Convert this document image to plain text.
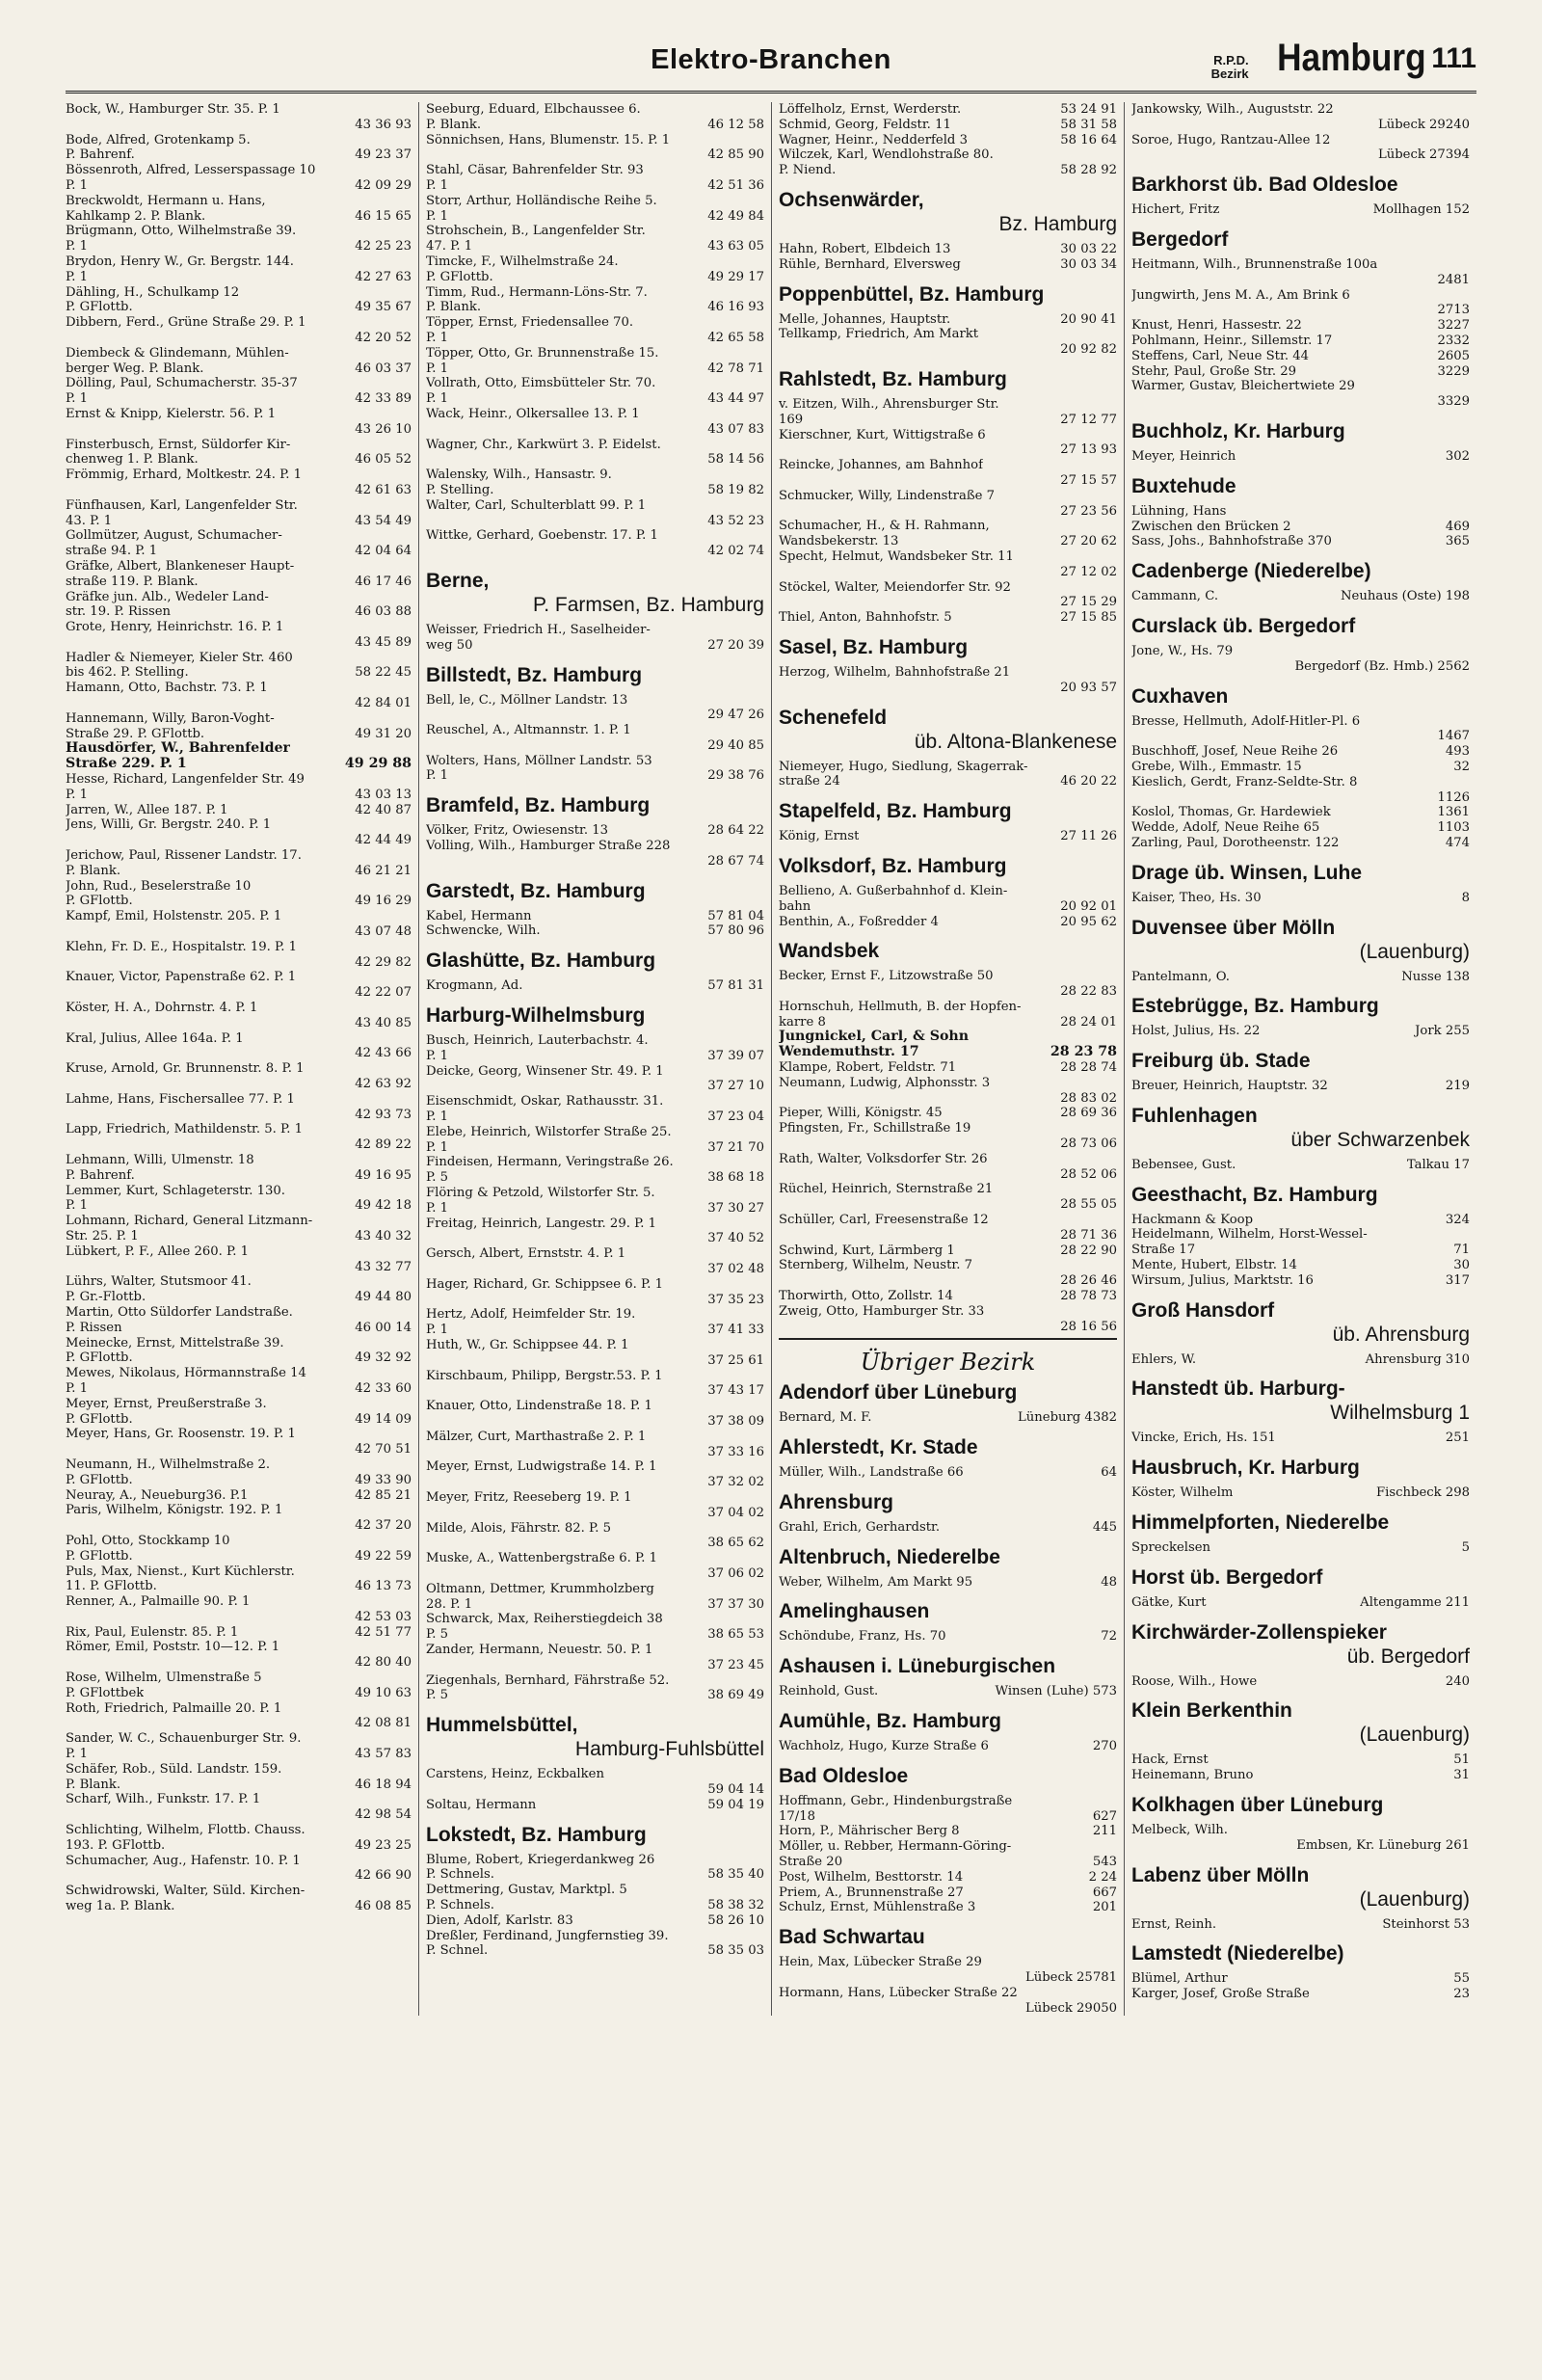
Elektro-Branchen	R.P.D.
Bezirk Hamburg 111
Bock, W., Hamburger Str. 35. P. 1
43 36 93
Bode, Alfred, Grotenkamp 5.
P. Bahrenf.	49 23 37
Bössenroth, Alfred, Lesserspassage 10
P. 1	42 09 29
Breckwoldt, Hermann u. Hans,
Kahlkamp 2. P. Blank.	46 15 65
Brügmann, Otto, Wilhelmstraße 39.
P. 1	42 25 23
Brydon, Henry W., Gr. Bergstr. 144.
P. 1	42 27 63
Dähling, H., Schulkamp 12
P. GFlottb.	49 35 67
Dibbern, Ferd., Grüne Straße 29. P. 1
42 20 52
Diembeck & Glindemann, Mühlen-
berger Weg. P. Blank.	46 03 37
Dölling, Paul, Schumacherstr. 35-37
P. 1	42 33 89
Ernst & Knipp, Kielerstr. 56. P. 1
43 26 10
Finsterbusch, Ernst, Süldorfer Kir-
chenweg 1. P. Blank.	46 05 52
Frömmig, Erhard, Moltkestr. 24. P. 1
42 61 63
Fünfhausen, Karl, Langenfelder Str.
43. P. 1	43 54 49
Gollmützer, August, Schumacher-
straße 94. P. 1	42 04 64
Gräfke, Albert, Blankeneser Haupt-
straße 119. P. Blank.	46 17 46
Gräfke jun. Alb., Wedeler Land-
str. 19. P. Rissen	46 03 88
Grote, Henry, Heinrichstr. 16. P. 1
43 45 89
Hadler & Niemeyer, Kieler Str. 460
bis 462. P. Stelling.	58 22 45
Hamann, Otto, Bachstr. 73. P. 1
42 84 01
Hannemann, Willy, Baron-Voght-
Straße 29. P. GFlottb.	49 31 20
Hausdörfer, W., Bahrenfelder
Straße 229. P. 1	49 29 88
Hesse, Richard, Langenfelder Str. 49
P. 1	43 03 13
Jarren, W., Allee 187. P. 1	42 40 87
Jens, Willi, Gr. Bergstr. 240. P. 1
42 44 49
Jerichow, Paul, Rissener Landstr. 17.
P. Blank.	46 21 21
John, Rud., Beselerstraße 10
P. GFlottb.	49 16 29
Kampf, Emil, Holstenstr. 205. P. 1
43 07 48
Klehn, Fr. D. E., Hospitalstr. 19. P. 1
42 29 82
Knauer, Victor, Papenstraße 62. P. 1
42 22 07
Köster, H. A., Dohrnstr. 4. P. 1
43 40 85
Kral, Julius, Allee 164a. P. 1
42 43 66
Kruse, Arnold, Gr. Brunnenstr. 8. P. 1
42 63 92
Lahme, Hans, Fischersallee 77. P. 1
42 93 73
Lapp, Friedrich, Mathildenstr. 5. P. 1
42 89 22
Lehmann, Willi, Ulmenstr. 18
P. Bahrenf.	49 16 95
Lemmer, Kurt, Schlageterstr. 130.
P. 1	49 42 18
Lohmann, Richard, General Litzmann-
Str. 25. P. 1	43 40 32
Lübkert, P. F., Allee 260. P. 1
43 32 77
Lührs, Walter, Stutsmoor 41.
P. Gr.-Flottb.	49 44 80
Martin, Otto Süldorfer Landstraße.
P. Rissen	46 00 14
Meinecke, Ernst, Mittelstraße 39.
P. GFlottb.	49 32 92
Mewes, Nikolaus, Hörmannstraße 14
P. 1	42 33 60
Meyer, Ernst, Preußerstraße 3.
P. GFlottb.	49 14 09
Meyer, Hans, Gr. Roosenstr. 19. P. 1
42 70 51
Neumann, H., Wilhelmstraße 2.
P. GFlottb.	49 33 90
Neuray, A., Neueburg36. P.1	42 85 21
Paris, Wilhelm, Königstr. 192. P. 1
42 37 20
Pohl, Otto, Stockkamp 10
P. GFlottb.	49 22 59
Puls, Max, Nienst., Kurt Küchlerstr.
11. P. GFlottb.	46 13 73
Renner, A., Palmaille 90. P. 1
42 53 03
Rix, Paul, Eulenstr. 85. P. 1	42 51 77
Römer, Emil, Poststr. 10—12. P. 1
42 80 40
Rose, Wilhelm, Ulmenstraße 5
P. GFlottbek	49 10 63
Roth, Friedrich, Palmaille 20. P. 1
42 08 81
Sander, W. C., Schauenburger Str. 9.
P. 1	43 57 83
Schäfer, Rob., Süld. Landstr. 159.
P. Blank.	46 18 94
Scharf, Wilh., Funkstr. 17. P. 1
42 98 54
Schlichting, Wilhelm, Flottb. Chauss.
193. P. GFlottb.	49 23 25
Schumacher, Aug., Hafenstr. 10. P. 1
42 66 90
Schwidrowski, Walter, Süld. Kirchen-
weg 1a. P. Blank.	46 08 85
Seeburg, Eduard, Elbchaussee 6.
P. Blank.	46 12 58
Sönnichsen, Hans, Blumenstr. 15. P. 1
42 85 90
Stahl, Cäsar, Bahrenfelder Str. 93
P. 1	42 51 36
Storr, Arthur, Holländische Reihe 5.
P. 1	42 49 84
Strohschein, B., Langenfelder Str.
47. P. 1	43 63 05
Timcke, F., Wilhelmstraße 24.
P. GFlottb.	49 29 17
Timm, Rud., Hermann-Löns-Str. 7.
P. Blank.	46 16 93
Töpper, Ernst, Friedensallee 70.
P. 1	42 65 58
Töpper, Otto, Gr. Brunnenstraße 15.
P. 1	42 78 71
Vollrath, Otto, Eimsbütteler Str. 70.
P. 1	43 44 97
Wack, Heinr., Ölkersallee 13. P. 1
43 07 83
Wagner, Chr., Karkwürt 3. P. Eidelst.
58 14 56
Walensky, Wilh., Hansastr. 9.
P. Stelling.	58 19 82
Walter, Carl, Schulterblatt 99. P. 1
43 52 23
Wittke, Gerhard, Goebenstr. 17. P. 1
42 02 74
Berne,
P. Farmsen, Bz. Hamburg
Weisser, Friedrich H., Saselheider-
weg 50	27 20 39
Billstedt, Bz. Hamburg
Bell, le, C., Möllner Landstr. 13
29 47 26
Reuschel, A., Altmannstr. 1. P. 1
29 40 85
Wolters, Hans, Möllner Landstr. 53
P. 1	29 38 76
Bramfeld, Bz. Hamburg
Völker, Fritz, Owiesenstr. 13	28 64 22
Volling, Wilh., Hamburger Straße 228
28 67 74
Garstedt, Bz. Hamburg
Kabel, Hermann	57 81 04
Schwencke, Wilh.	57 80 96
Glashütte, Bz. Hamburg
Krogmann, Ad.	57 81 31
Harburg-Wilhelmsburg
Busch, Heinrich, Lauterbachstr. 4.
P. 1	37 39 07
Deicke, Georg, Winsener Str. 49. P. 1
37 27 10
Eisenschmidt, Oskar, Rathausstr. 31.
P. 1	37 23 04
Elebe, Heinrich, Wilstorfer Straße 25.
P. 1	37 21 70
Findeisen, Hermann, Veringstraße 26.
P. 5	38 68 18
Flöring & Petzold, Wilstorfer Str. 5.
P. 1	37 30 27
Freitag, Heinrich, Langestr. 29. P. 1
37 40 52
Gersch, Albert, Ernststr. 4. P. 1
37 02 48
Hager, Richard, Gr. Schippsee 6. P. 1
37 35 23
Hertz, Adolf, Heimfelder Str. 19.
P. 1	37 41 33
Huth, W., Gr. Schippsee 44. P. 1
37 25 61
Kirschbaum, Philipp, Bergstr.53. P. 1
37 43 17
Knauer, Otto, Lindenstraße 18. P. 1
37 38 09
Mälzer, Curt, Marthastraße 2. P. 1
37 33 16
Meyer, Ernst, Ludwigstraße 14. P. 1
37 32 02
Meyer, Fritz, Reeseberg 19. P. 1
37 04 02
Milde, Alois, Fährstr. 82. P. 5
38 65 62
Muske, A., Wattenbergstraße 6. P. 1
37 06 02
Oltmann, Dettmer, Krummholzberg
28. P. 1	37 37 30
Schwarck, Max, Reiherstiegdeich 38
P. 5	38 65 53
Zander, Hermann, Neuestr. 50. P. 1
37 23 45
Ziegenhals, Bernhard, Fährstraße 52.
P. 5	38 69 49
Hummelsbüttel,
Hamburg-Fuhlsbüttel
Carstens, Heinz, Eckbalken
59 04 14
Soltau, Hermann	59 04 19
Lokstedt, Bz. Hamburg
Blume, Robert, Kriegerdankweg 26
P. Schnels.	58 35 40
Dettmering, Gustav, Marktpl. 5
P. Schnels.	58 38 32
Dien, Adolf, Karlstr. 83	58 26 10
Dreßler, Ferdinand, Jungfernstieg 39.
P. Schnel.	58 35 03
Löffelholz, Ernst, Werderstr.	53 24 91
Schmid, Georg, Feldstr. 11	58 31 58
Wagner, Heinr., Nedderfeld 3	58 16 64
Wilczek, Karl, Wendlohstraße 80.
P. Niend.	58 28 92
Ochsenwärder,
Bz. Hamburg
Hahn, Robert, Elbdeich 13	30 03 22
Rühle, Bernhard, Elversweg	30 03 34
Poppenbüttel, Bz. Hamburg
Melle, Johannes, Hauptstr.	20 90 41
Tellkamp, Friedrich, Am Markt
20 92 82
Rahlstedt, Bz. Hamburg
v. Eitzen, Wilh., Ahrensburger Str.
169	27 12 77
Kierschner, Kurt, Wittigstraße 6
27 13 93
Reincke, Johannes, am Bahnhof
27 15 57
Schmucker, Willy, Lindenstraße 7
27 23 56
Schumacher, H., & H. Rahmann,
Wandsbekerstr. 13	27 20 62
Specht, Helmut, Wandsbeker Str. 11
27 12 02
Stöckel, Walter, Meiendorfer Str. 92
27 15 29
Thiel, Anton, Bahnhofstr. 5	27 15 85
Sasel, Bz. Hamburg
Herzog, Wilhelm, Bahnhofstraße 21
20 93 57
Schenefeld
üb. Altona-Blankenese
Niemeyer, Hugo, Siedlung, Skagerrak-
straße 24	46 20 22
Stapelfeld, Bz. Hamburg
König, Ernst	27 11 26
Volksdorf, Bz. Hamburg
Bellieno, A. Gußerbahnhof d. Klein-
bahn	20 92 01
Benthin, A., Foßredder 4	20 95 62
Wandsbek
Becker, Ernst F., Litzowstraße 50
28 22 83
Hornschuh, Hellmuth, B. der Hopfen-
karre 8	28 24 01
Jungnickel, Carl, & Sohn
Wendemuthstr. 17	28 23 78
Klampe, Robert, Feldstr. 71	28 28 74
Neumann, Ludwig, Alphonsstr. 3
28 83 02
Pieper, Willi, Königstr. 45	28 69 36
Pfingsten, Fr., Schillstraße 19
28 73 06
Rath, Walter, Volksdorfer Str. 26
28 52 06
Rüchel, Heinrich, Sternstraße 21
28 55 05
Schüller, Carl, Freesenstraße 12
28 71 36
Schwind, Kurt, Lärmberg 1	28 22 90
Sternberg, Wilhelm, Neustr. 7
28 26 46
Thorwirth, Otto, Zollstr. 14	28 78 73
Zweig, Otto, Hamburger Str. 33
28 16 56
Übriger Bezirk
Adendorf über Lüneburg
Bernard, M. F.	Lüneburg 4382
Ahlerstedt, Kr. Stade
Müller, Wilh., Landstraße 66	64
Ahrensburg
Grahl, Erich, Gerhardstr.	445
Altenbruch, Niederelbe
Weber, Wilhelm, Am Markt 95	48
Amelinghausen
Schöndube, Franz, Hs. 70	72
Ashausen i. Lüneburgischen
Reinhold, Gust.	Winsen (Luhe) 573
Aumühle, Bz. Hamburg
Wachholz, Hugo, Kurze Straße 6	270
Bad Oldesloe
Hoffmann, Gebr., Hindenburgstraße
17/18	627
Horn, P., Mährischer Berg 8	211
Möller, u. Rebber, Hermann-Göring-
Straße 20	543
Post, Wilhelm, Besttorstr. 14	2 24
Priem, A., Brunnenstraße 27	667
Schulz, Ernst, Mühlenstraße 3	201
Bad Schwartau
Hein, Max, Lübecker Straße 29
Lübeck 25781
Hormann, Hans, Lübecker Straße 22
Lübeck 29050
Jankowsky, Wilh., Auguststr. 22
Lübeck 29240
Soroe, Hugo, Rantzau-Allee 12
Lübeck 27394
Barkhorst üb. Bad Oldesloe
Hichert, Fritz	Mollhagen 152
Bergedorf
Heitmann, Wilh., Brunnenstraße 100a
2481
Jungwirth, Jens M. A., Am Brink 6
2713
Knust, Henri, Hassestr. 22	3227
Pohlmann, Heinr., Sillemstr. 17	2332
Steffens, Carl, Neue Str. 44	2605
Stehr, Paul, Große Str. 29	3229
Warmer, Gustav, Bleichertwiete 29
3329
Buchholz, Kr. Harburg
Meyer, Heinrich	302
Buxtehude
Lühning, Hans
Zwischen den Brücken 2	469
Sass, Johs., Bahnhofstraße 370	365
Cadenberge (Niederelbe)
Cammann, C.	Neuhaus (Oste) 198
Curslack üb. Bergedorf
Jone, W., Hs. 79
Bergedorf (Bz. Hmb.) 2562
Cuxhaven
Bresse, Hellmuth, Adolf-Hitler-Pl. 6
1467
Buschhoff, Josef, Neue Reihe 26	493
Grebe, Wilh., Emmastr. 15	32
Kieslich, Gerdt, Franz-Seldte-Str. 8
1126
Koslol, Thomas, Gr. Hardewiek	1361
Wedde, Adolf, Neue Reihe 65	1103
Zarling, Paul, Dorotheenstr. 122	474
Drage üb. Winsen, Luhe
Kaiser, Theo, Hs. 30	8
Duvensee über Mölln
(Lauenburg)
Pantelmann, O.	Nusse 138
Estebrügge, Bz. Hamburg
Holst, Julius, Hs. 22	Jork 255
Freiburg üb. Stade
Breuer, Heinrich, Hauptstr. 32	219
Fuhlenhagen
über Schwarzenbek
Bebensee, Gust.	Talkau 17
Geesthacht, Bz. Hamburg
Hackmann & Koop	324
Heidelmann, Wilhelm, Horst-Wessel-
Straße 17	71
Mente, Hubert, Elbstr. 14	30
Wirsum, Julius, Marktstr. 16	317
Groß Hansdorf
üb. Ahrensburg
Ehlers, W.	Ahrensburg 310
Hanstedt üb. Harburg-
Wilhelmsburg 1
Vincke, Erich, Hs. 151	251
Hausbruch, Kr. Harburg
Köster, Wilhelm	Fischbeck 298
Himmelpforten, Niederelbe
Spreckelsen	5
Horst üb. Bergedorf
Gätke, Kurt	Altengamme 211
Kirchwärder-Zollenspieker
üb. Bergedorf
Roose, Wilh., Howe	240
Klein Berkenthin
(Lauenburg)
Hack, Ernst	51
Heinemann, Bruno	31
Kolkhagen über Lüneburg
Melbeck, Wilh.
Embsen, Kr. Lüneburg 261
Labenz über Mölln
(Lauenburg)
Ernst, Reinh.	Steinhorst 53
Lamstedt (Niederelbe)
Blümel, Arthur	55
Karger, Josef, Große Straße	23
